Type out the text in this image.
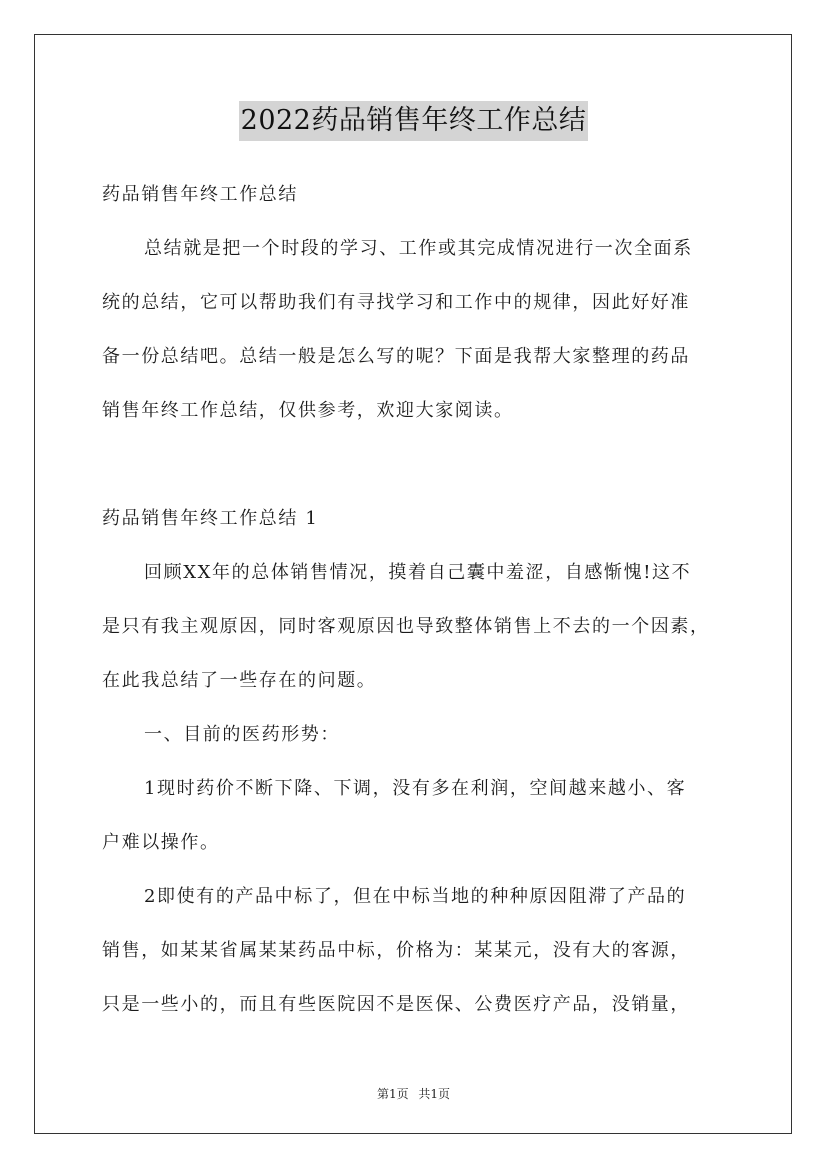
2022药品销售年终工作总结
药品销售年终工作总结
总结就是把一个时段的学习、工作或其完成情况进行一次全面系
统的总结，它可以帮助我们有寻找学习和工作中的规律，因此好好准
备一份总结吧。总结一般是怎么写的呢？下面是我帮大家整理的药品
销售年终工作总结，仅供参考，欢迎大家阅读。
药品销售年终工作总结 1
回顾XX年的总体销售情况，摸着自己囊中羞涩，自感惭愧!这不
是只有我主观原因，同时客观原因也导致整体销售上不去的一个因素，
在此我总结了一些存在的问题。
一、目前的医药形势：
1现时药价不断下降、下调，没有多在利润，空间越来越小、客
户难以操作。
2即使有的产品中标了，但在中标当地的种种原因阻滞了产品的
销售，如某某省属某某药品中标，价格为：某某元，没有大的客源，
只是一些小的，而且有些医院因不是医保、公费医疗产品，没销量，
第1页 共1页
